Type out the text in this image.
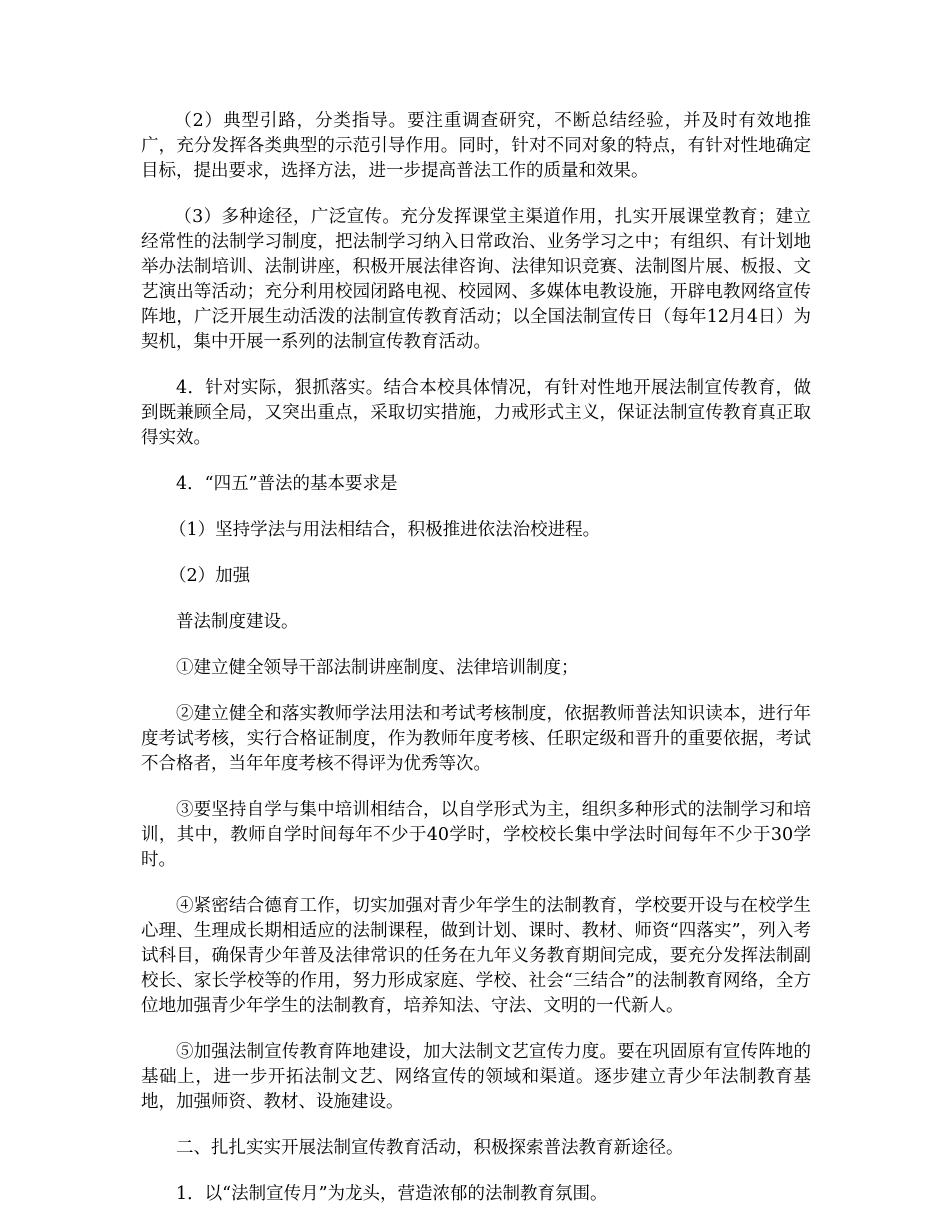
（2）典型引路，分类指导。要注重调查研究，不断总结经验，并及时有效地推广，充分发挥各类典型的示范引导作用。同时，针对不同对象的特点，有针对性地确定目标，提出要求，选择方法，进一步提高普法工作的质量和效果。

（3）多种途径，广泛宣传。充分发挥课堂主渠道作用，扎实开展课堂教育；建立经常性的法制学习制度，把法制学习纳入日常政治、业务学习之中；有组织、有计划地举办法制培训、法制讲座，积极开展法律咨询、法律知识竞赛、法制图片展、板报、文艺演出等活动；充分利用校园闭路电视、校园网、多媒体电教设施，开辟电教网络宣传阵地，广泛开展生动活泼的法制宣传教育活动；以全国法制宣传日（每年12月4日）为契机，集中开展一系列的法制宣传教育活动。

4．针对实际，狠抓落实。结合本校具体情况，有针对性地开展法制宣传教育，做到既兼顾全局，又突出重点，采取切实措施，力戒形式主义，保证法制宣传教育真正取得实效。

4．“四五”普法的基本要求是

（1）坚持学法与用法相结合，积极推进依法治校进程。

（2）加强

普法制度建设。

①建立健全领导干部法制讲座制度、法律培训制度；

②建立健全和落实教师学法用法和考试考核制度，依据教师普法知识读本，进行年度考试考核，实行合格证制度，作为教师年度考核、任职定级和晋升的重要依据，考试不合格者，当年年度考核不得评为优秀等次。

③要坚持自学与集中培训相结合，以自学形式为主，组织多种形式的法制学习和培训，其中，教师自学时间每年不少于40学时，学校校长集中学法时间每年不少于30学时。

④紧密结合德育工作，切实加强对青少年学生的法制教育，学校要开设与在校学生心理、生理成长期相适应的法制课程，做到计划、课时、教材、师资“四落实”，列入考试科目，确保青少年普及法律常识的任务在九年义务教育期间完成，要充分发挥法制副校长、家长学校等的作用，努力形成家庭、学校、社会“三结合”的法制教育网络，全方位地加强青少年学生的法制教育，培养知法、守法、文明的一代新人。

⑤加强法制宣传教育阵地建设，加大法制文艺宣传力度。要在巩固原有宣传阵地的基础上，进一步开拓法制文艺、网络宣传的领域和渠道。逐步建立青少年法制教育基地，加强师资、教材、设施建设。

二、扎扎实实开展法制宣传教育活动，积极探索普法教育新途径。

1．以“法制宣传月”为龙头，营造浓郁的法制教育氛围。
